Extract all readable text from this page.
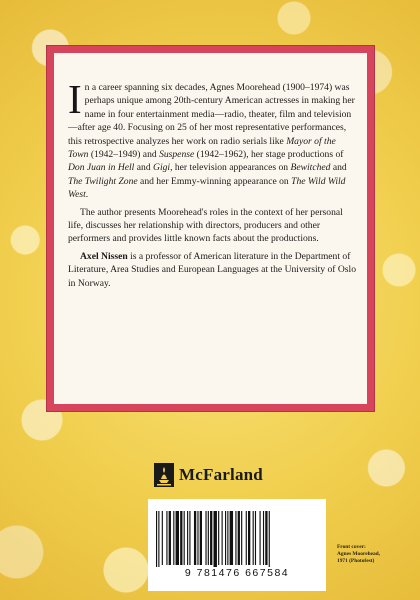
In a career spanning six decades, Agnes Moorehead (1900–1974) was perhaps unique among 20th-century American actresses in making her name in four entertainment media—radio, theater, film and television—after age 40. Focusing on 25 of her most representative performances, this retrospective analyzes her work on radio serials like Mayor of the Town (1942–1949) and Suspense (1942–1962), her stage productions of Don Juan in Hell and Gigi, her television appearances on Bewitched and The Twilight Zone and her Emmy-winning appearance on The Wild Wild West.

The author presents Moorehead's roles in the context of her personal life, discusses her relationship with directors, producers and other performers and provides little known facts about the productions.

Axel Nissen is a professor of American literature in the Department of Literature, Area Studies and European Languages at the University of Oslo in Norway.

McFarland
9 781476 667584
Front cover:
Agnes Moorehead,
1971 (Photofest)
